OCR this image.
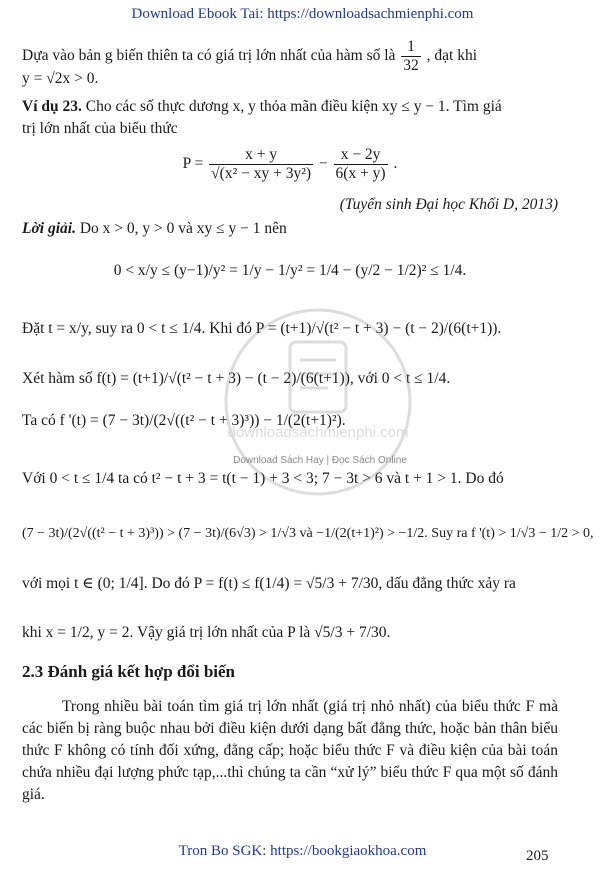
Download Ebook Tai: https://downloadsachmienphi.com
Dựa vào bản g biến thiên ta có giá trị lớn nhất của hàm số là $\frac{1}{32}$ , đạt khi
y = √2x > 0.
Ví dụ 23. Cho các số thực dương x, y thỏa mãn điều kiện xy ≤ y − 1. Tìm giá
trị lớn nhất của biểu thức
$P = \frac{x + y}{\text{√(x² − xy + 3y²)}} - \frac{x - 2y}{6(x + y)}$ .
(Tuyển sinh Đại học Khối D, 2013)
Lời giải. Do x > 0, y > 0 và xy ≤ y − 1 nên
0 < x/y ≤ (y−1)/y² = 1/y − 1/y² = 1/4 − (y/2 − 1/2)² ≤ 1/4.
Đặt t = x/y, suy ra 0 < t ≤ 1/4. Khi đó P = (t+1)/√(t² − t + 3) − (t − 2)/(6(t+1)).
Xét hàm số f(t) = (t+1)/√(t² − t + 3) − (t − 2)/(6(t+1)), với 0 < t ≤ 1/4.
Ta có f '(t) = (7 − 3t)/(2√((t² − t + 3)³)) − 1/(2(t+1)²).
Với 0 < t ≤ 1/4 ta có t² − t + 3 = t(t − 1) + 3 < 3; 7 − 3t > 6 và t + 1 > 1. Do đó
(7 − 3t)/(2√((t² − t + 3)³)) > (7 − 3t)/(6√3) > 1/√3 và −1/(2(t+1)²) > −1/2. Suy ra f '(t) > 1/√3 − 1/2 > 0,
với mọi t ∈ (0; 1/4]. Do đó P = f(t) ≤ f(1/4) = √5/3 + 7/30, dấu đẳng thức xảy ra
khi x = 1/2, y = 2. Vậy giá trị lớn nhất của P là √5/3 + 7/30.
2.3 Đánh giá kết hợp đổi biến
Trong nhiều bài toán tìm giá trị lớn nhất (giá trị nhỏ nhất) của biểu thức F mà các biến bị ràng buộc nhau bởi điều kiện dưới dạng bất đẳng thức, hoặc bản thân biểu thức F không có tính đối xứng, đẳng cấp; hoặc biểu thức F và điều kiện của bài toán chứa nhiều đại lượng phức tạp,...thì chúng ta cần “xử lý” biểu thức F qua một số đánh giá.
205
downloadsachmienphi.com
Download Sách Hay | Đọc Sách Online
Tron Bo SGK: https://bookgiaokhoa.com
